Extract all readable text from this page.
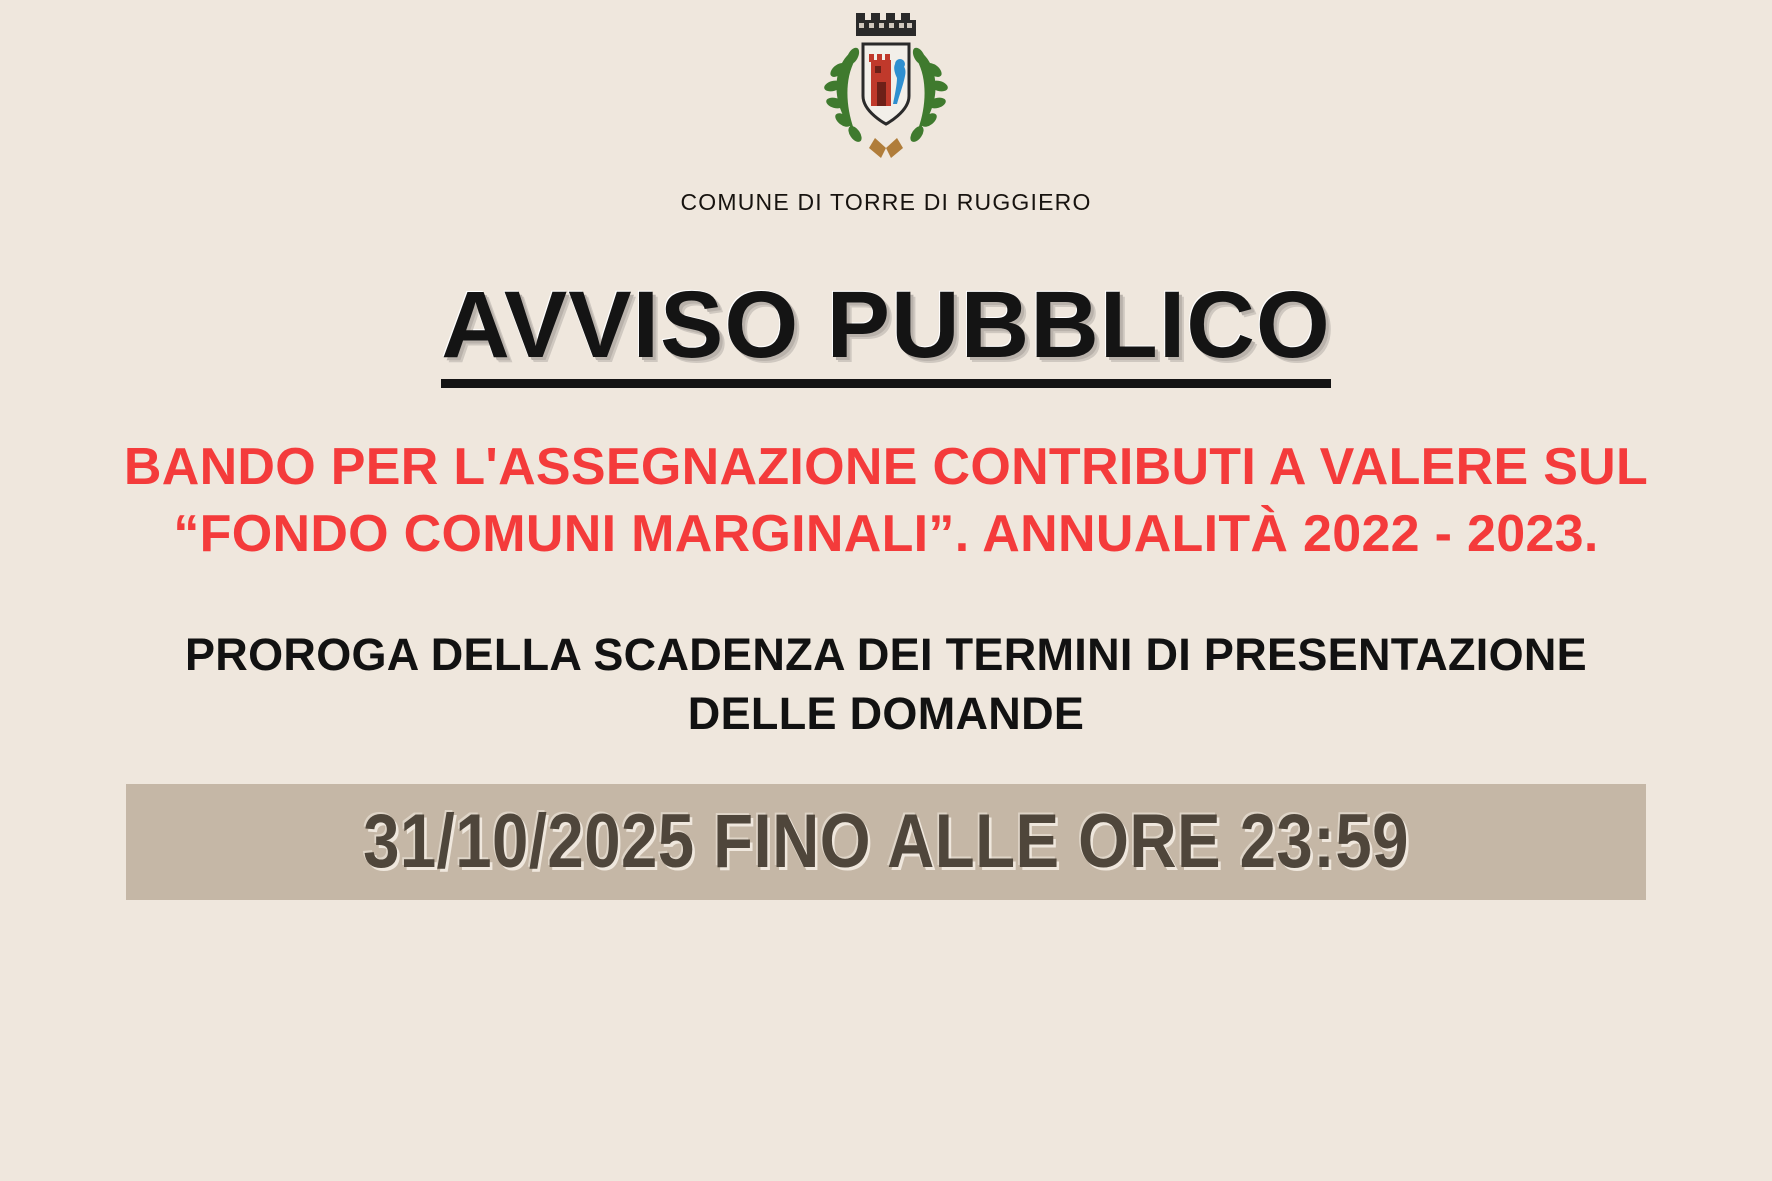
COMUNE DI TORRE DI RUGGIERO
AVVISO PUBBLICO
BANDO PER L'ASSEGNAZIONE CONTRIBUTI A VALERE SUL “FONDO COMUNI MARGINALI”. ANNUALITÀ 2022 - 2023.
PROROGA DELLA SCADENZA DEI TERMINI DI PRESENTAZIONE DELLE DOMANDE
31/10/2025 FINO ALLE ORE 23:59
